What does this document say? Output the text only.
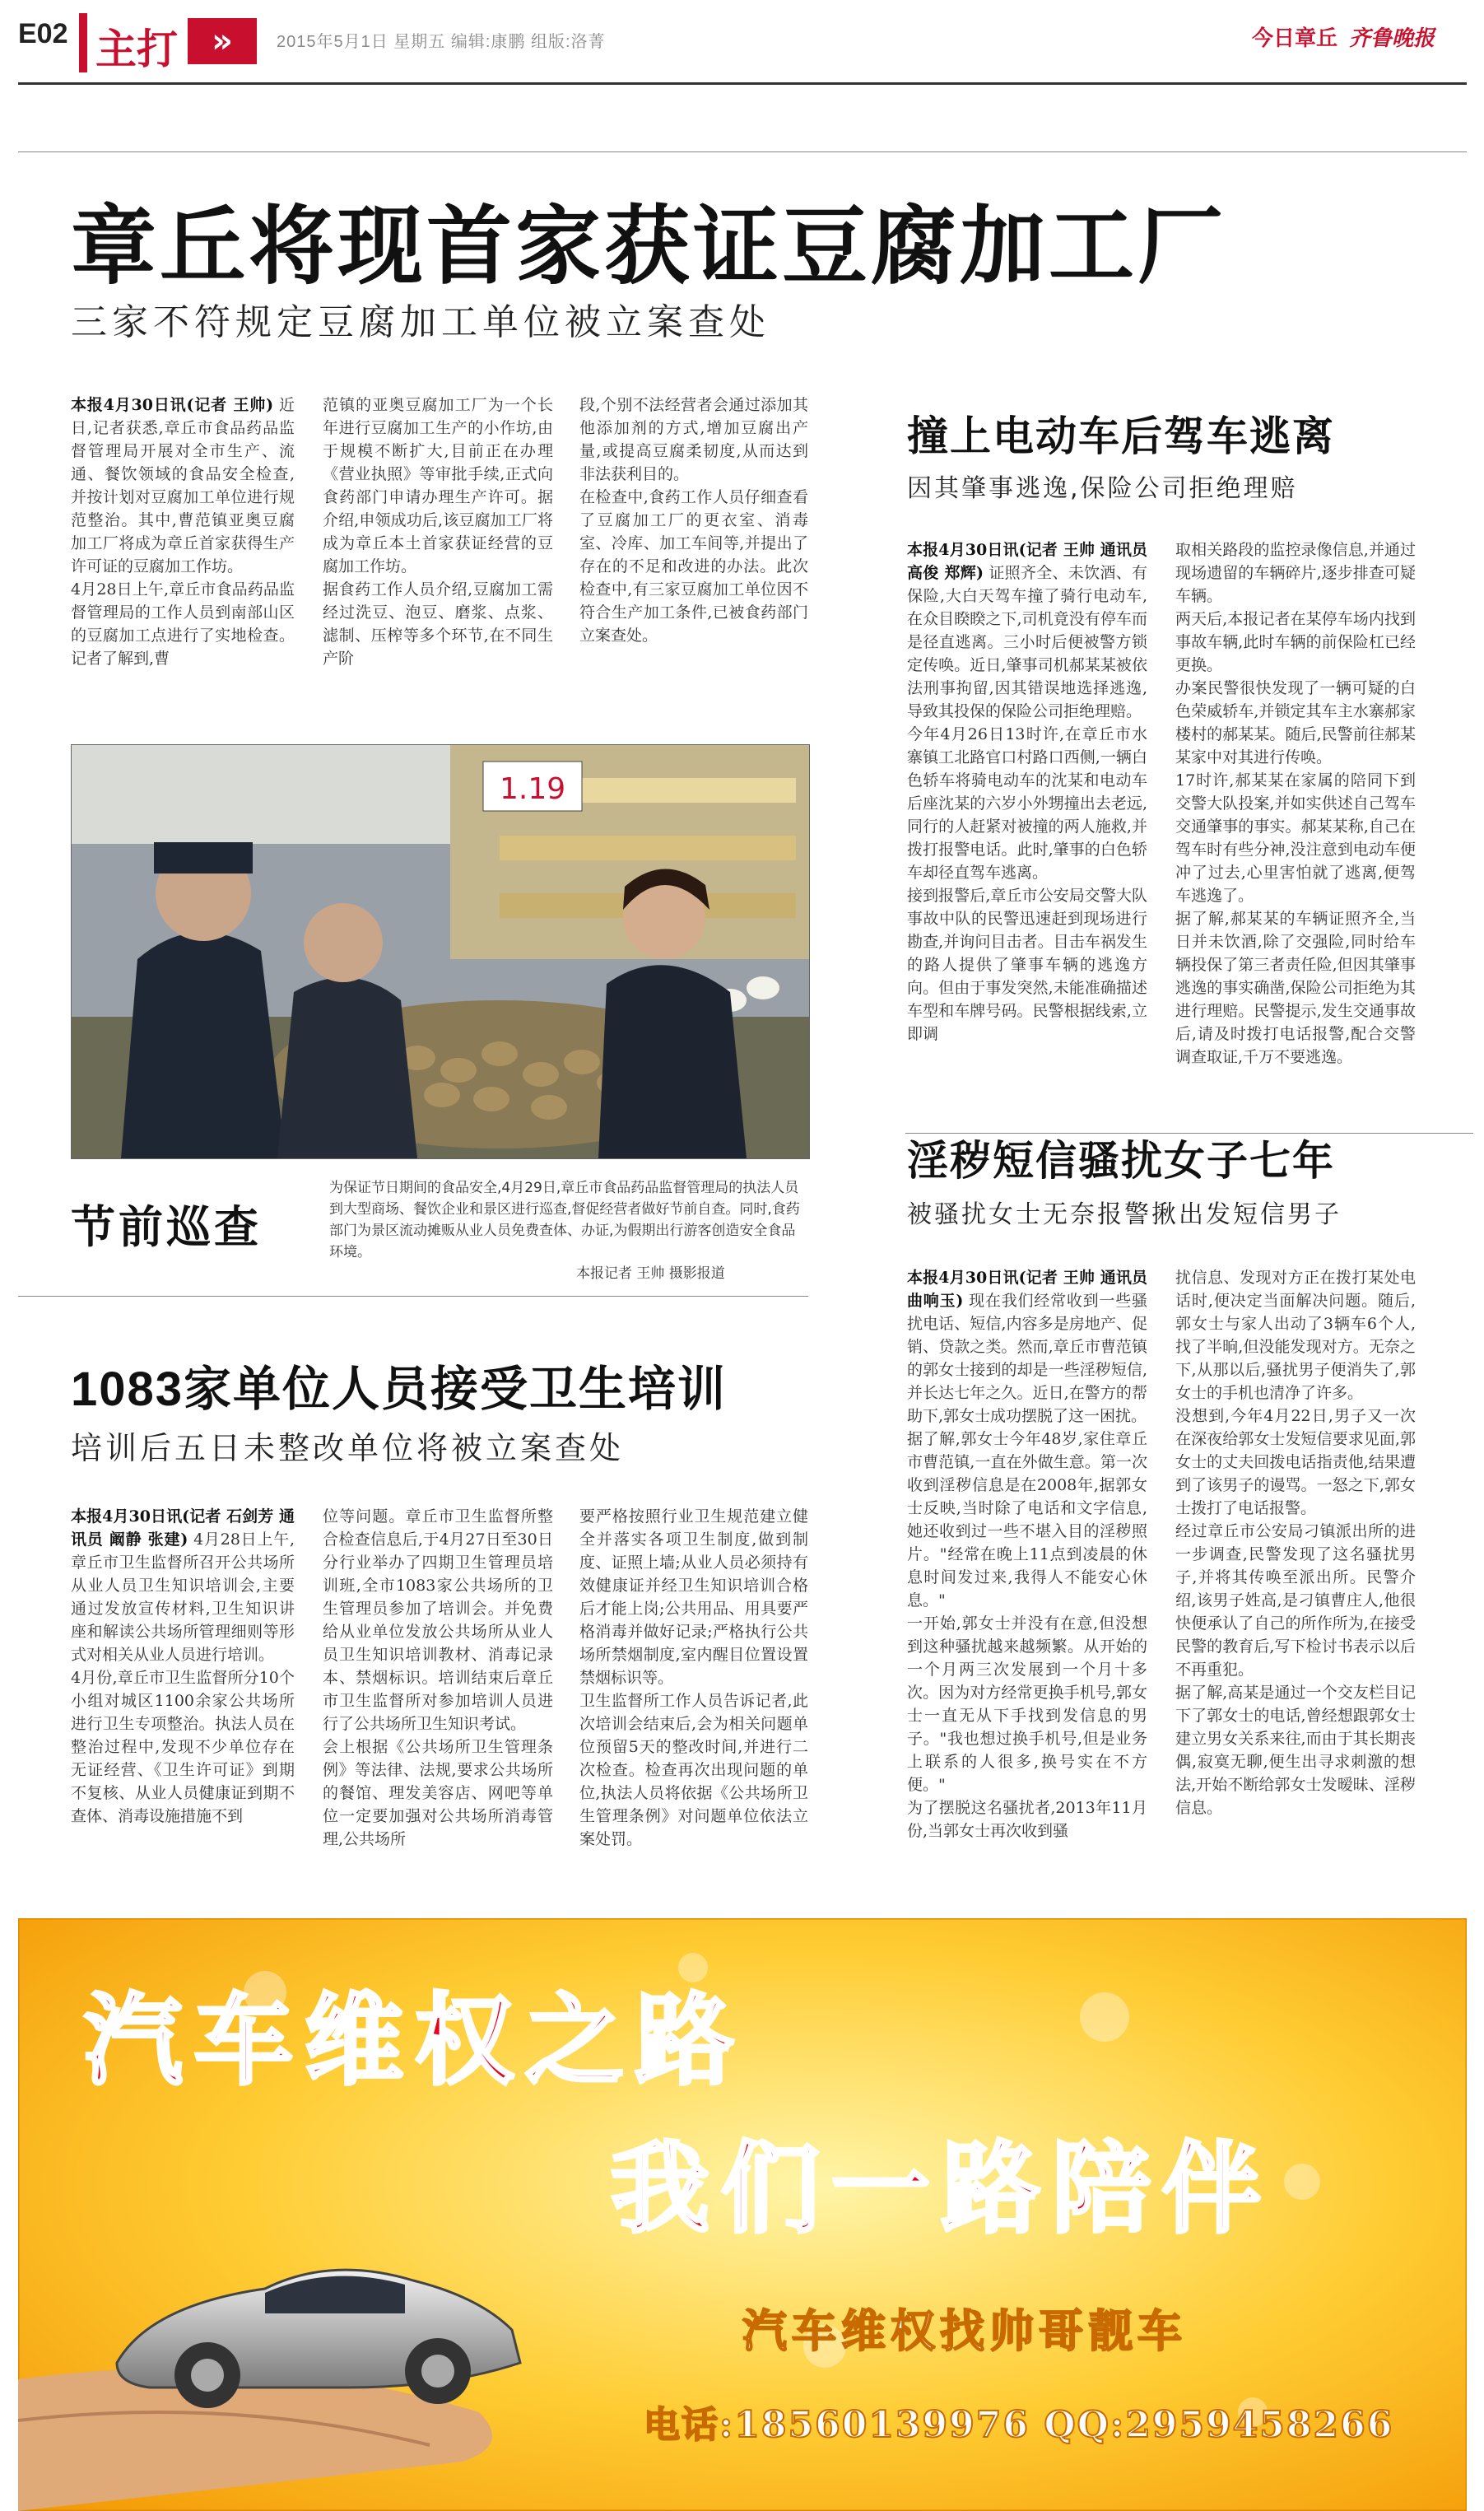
E02 主打	»	2015年5月1日 星期五 编辑:康鹏 组版:洛菁	今日章丘 齐鲁晚报
章丘将现首家获证豆腐加工厂
三家不符规定豆腐加工单位被立案查处
本报4月30日讯(记者 王帅) 近日,记者获悉,章丘市食品药品监督管理局开展对全市生产、流通、餐饮领域的食品安全检查,并按计划对豆腐加工单位进行规范整治。其中,曹范镇亚奥豆腐加工厂将成为章丘首家获得生产许可证的豆腐加工作坊。
4月28日上午,章丘市食品药品监督管理局的工作人员到南部山区的豆腐加工点进行了实地检查。记者了解到,曹
范镇的亚奥豆腐加工厂为一个长年进行豆腐加工生产的小作坊,由于规模不断扩大,目前正在办理《营业执照》等审批手续,正式向食药部门申请办理生产许可。据介绍,申领成功后,该豆腐加工厂将成为章丘本土首家获证经营的豆腐加工作坊。
据食药工作人员介绍,豆腐加工需经过洗豆、泡豆、磨浆、点浆、滤制、压榨等多个环节,在不同生产阶
段,个别不法经营者会通过添加其他添加剂的方式,增加豆腐出产量,或提高豆腐柔韧度,从而达到非法获利目的。
在检查中,食药工作人员仔细查看了豆腐加工厂的更衣室、消毒室、冷库、加工车间等,并提出了存在的不足和改进的办法。此次检查中,有三家豆腐加工单位因不符合生产加工条件,已被食药部门立案查处。
1.19
节前巡查
为保证节日期间的食品安全,4月29日,章丘市食品药品监督管理局的执法人员到大型商场、餐饮企业和景区进行巡查,督促经营者做好节前自查。同时,食药部门为景区流动摊贩从业人员免费查体、办证,为假期出行游客创造安全食品环境。
本报记者 王帅 摄影报道
1083家单位人员接受卫生培训
培训后五日未整改单位将被立案查处
本报4月30日讯(记者 石剑芳 通讯员 阚静 张建) 4月28日上午,章丘市卫生监督所召开公共场所从业人员卫生知识培训会,主要通过发放宣传材料,卫生知识讲座和解读公共场所管理细则等形式对相关从业人员进行培训。
4月份,章丘市卫生监督所分10个小组对城区1100余家公共场所进行卫生专项整治。执法人员在整治过程中,发现不少单位存在无证经营、《卫生许可证》到期不复核、从业人员健康证到期不查体、消毒设施措施不到
位等问题。章丘市卫生监督所整合检查信息后,于4月27日至30日分行业举办了四期卫生管理员培训班,全市1083家公共场所的卫生管理员参加了培训会。并免费给从业单位发放公共场所从业人员卫生知识培训教材、消毒记录本、禁烟标识。培训结束后章丘市卫生监督所对参加培训人员进行了公共场所卫生知识考试。
会上根据《公共场所卫生管理条例》等法律、法规,要求公共场所的餐馆、理发美容店、网吧等单位一定要加强对公共场所消毒管理,公共场所
要严格按照行业卫生规范建立健全并落实各项卫生制度,做到制度、证照上墙;从业人员必须持有效健康证并经卫生知识培训合格后才能上岗;公共用品、用具要严格消毒并做好记录;严格执行公共场所禁烟制度,室内醒目位置设置禁烟标识等。
卫生监督所工作人员告诉记者,此次培训会结束后,会为相关问题单位预留5天的整改时间,并进行二次检查。检查再次出现问题的单位,执法人员将依据《公共场所卫生管理条例》对问题单位依法立案处罚。
撞上电动车后驾车逃离
因其肇事逃逸,保险公司拒绝理赔
本报4月30日讯(记者 王帅 通讯员 高俊 郑辉) 证照齐全、未饮酒、有保险,大白天驾车撞了骑行电动车,在众目睽睽之下,司机竟没有停车而是径直逃离。三小时后便被警方锁定传唤。近日,肇事司机郝某某被依法刑事拘留,因其错误地选择逃逸,导致其投保的保险公司拒绝理赔。
今年4月26日13时许,在章丘市水寨镇工北路官口村路口西侧,一辆白色轿车将骑电动车的沈某和电动车后座沈某的六岁小外甥撞出去老远,同行的人赶紧对被撞的两人施救,并拨打报警电话。此时,肇事的白色轿车却径直驾车逃离。
接到报警后,章丘市公安局交警大队事故中队的民警迅速赶到现场进行勘查,并询问目击者。目击车祸发生的路人提供了肇事车辆的逃逸方向。但由于事发突然,未能准确描述车型和车牌号码。民警根据线索,立即调
取相关路段的监控录像信息,并通过现场遗留的车辆碎片,逐步排查可疑车辆。
两天后,本报记者在某停车场内找到事故车辆,此时车辆的前保险杠已经更换。
办案民警很快发现了一辆可疑的白色荣威轿车,并锁定其车主水寨郝家楼村的郝某某。随后,民警前往郝某某家中对其进行传唤。
17时许,郝某某在家属的陪同下到交警大队投案,并如实供述自己驾车交通肇事的事实。郝某某称,自己在驾车时有些分神,没注意到电动车便冲了过去,心里害怕就了逃离,便驾车逃逸了。
据了解,郝某某的车辆证照齐全,当日并未饮酒,除了交强险,同时给车辆投保了第三者责任险,但因其肇事逃逸的事实确凿,保险公司拒绝为其进行理赔。民警提示,发生交通事故后,请及时拨打电话报警,配合交警调查取证,千万不要逃逸。
淫秽短信骚扰女子七年
被骚扰女士无奈报警揪出发短信男子
本报4月30日讯(记者 王帅 通讯员 曲响玉) 现在我们经常收到一些骚扰电话、短信,内容多是房地产、促销、贷款之类。然而,章丘市曹范镇的郭女士接到的却是一些淫秽短信,并长达七年之久。近日,在警方的帮助下,郭女士成功摆脱了这一困扰。
据了解,郭女士今年48岁,家住章丘市曹范镇,一直在外做生意。第一次收到淫秽信息是在2008年,据郭女士反映,当时除了电话和文字信息,她还收到过一些不堪入目的淫秽照片。"经常在晚上11点到凌晨的休息时间发过来,我得人不能安心休息。"
一开始,郭女士并没有在意,但没想到这种骚扰越来越频繁。从开始的一个月两三次发展到一个月十多次。因为对方经常更换手机号,郭女士一直无从下手找到发信息的男子。"我也想过换手机号,但是业务上联系的人很多,换号实在不方便。"
为了摆脱这名骚扰者,2013年11月份,当郭女士再次收到骚
扰信息、发现对方正在拨打某处电话时,便决定当面解决问题。随后,郭女士与家人出动了3辆车6个人,找了半晌,但没能发现对方。无奈之下,从那以后,骚扰男子便消失了,郭女士的手机也清净了许多。
没想到,今年4月22日,男子又一次在深夜给郭女士发短信要求见面,郭女士的丈夫回拨电话指责他,结果遭到了该男子的谩骂。一怒之下,郭女士拨打了电话报警。
经过章丘市公安局刁镇派出所的进一步调查,民警发现了这名骚扰男子,并将其传唤至派出所。民警介绍,该男子姓高,是刁镇曹庄人,他很快便承认了自己的所作所为,在接受民警的教育后,写下检讨书表示以后不再重犯。
据了解,高某是通过一个交友栏目记下了郭女士的电话,曾经想跟郭女士建立男女关系来往,而由于其长期丧偶,寂寞无聊,便生出寻求刺激的想法,开始不断给郭女士发暧昧、淫秽信息。
汽车维权之路
我们一路陪伴
汽车维权找帅哥靓车
电话:18560139976 QQ:2959458266
